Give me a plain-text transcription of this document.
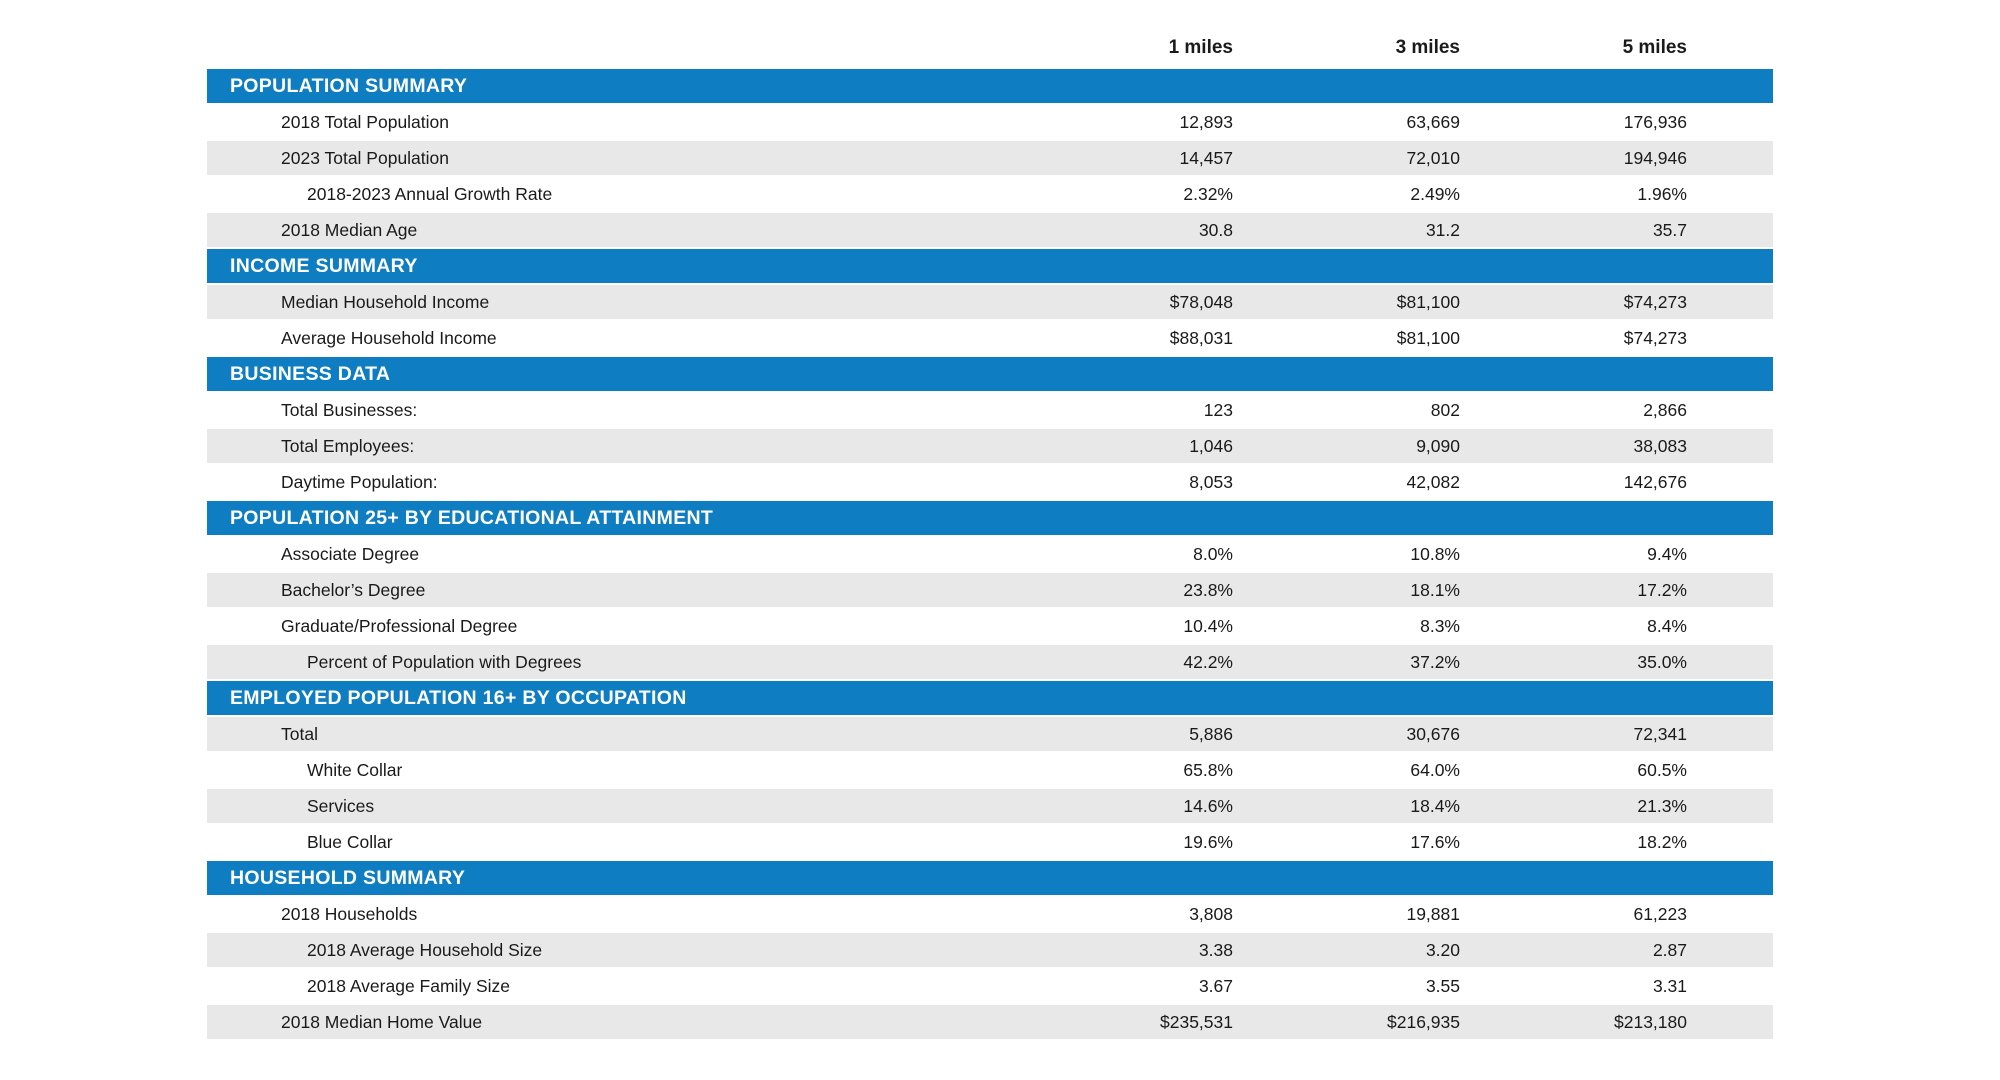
1 miles	3 miles	5 miles
POPULATION SUMMARY
2018 Total Population	12,893	63,669	176,936
2023 Total Population	14,457	72,010	194,946
2018-2023 Annual Growth Rate	2.32%	2.49%	1.96%
2018 Median Age	30.8	31.2	35.7
INCOME SUMMARY
Median Household Income	$78,048	$81,100	$74,273
Average Household Income	$88,031	$81,100	$74,273
BUSINESS DATA
Total Businesses:	123	802	2,866
Total Employees:	1,046	9,090	38,083
Daytime Population:	8,053	42,082	142,676
POPULATION 25+ BY EDUCATIONAL ATTAINMENT
Associate Degree	8.0%	10.8%	9.4%
Bachelor’s Degree	23.8%	18.1%	17.2%
Graduate/Professional Degree	10.4%	8.3%	8.4%
Percent of Population with Degrees	42.2%	37.2%	35.0%
EMPLOYED POPULATION 16+ BY OCCUPATION
Total	5,886	30,676	72,341
White Collar	65.8%	64.0%	60.5%
Services	14.6%	18.4%	21.3%
Blue Collar	19.6%	17.6%	18.2%
HOUSEHOLD SUMMARY
2018 Households	3,808	19,881	61,223
2018 Average Household Size	3.38	3.20	2.87
2018 Average Family Size	3.67	3.55	3.31
2018 Median Home Value	$235,531	$216,935	$213,180
